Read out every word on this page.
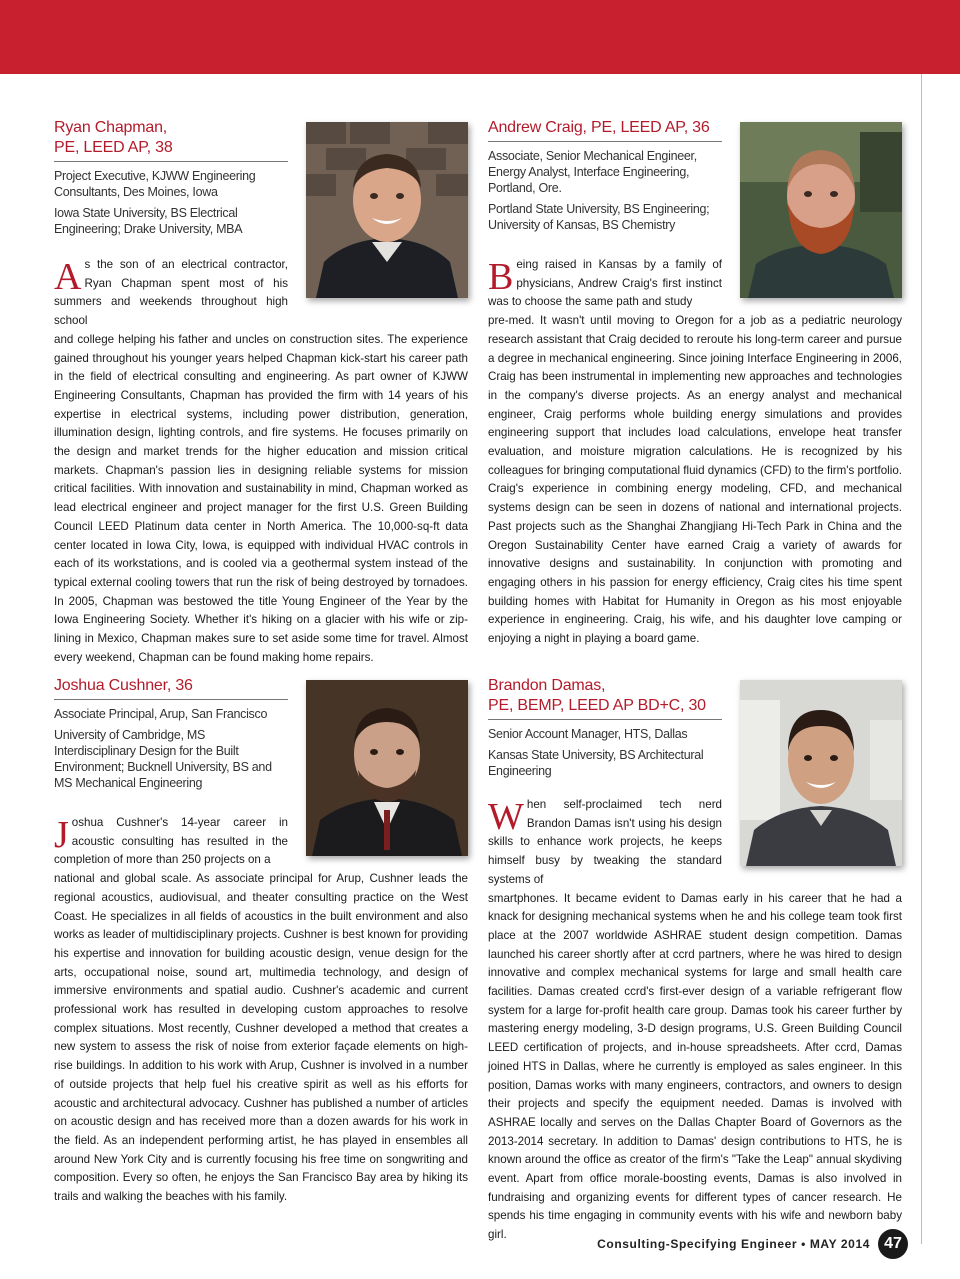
Ryan Chapman,
PE, LEED AP, 38
Project Executive, KJWW Engineering Consultants, Des Moines, Iowa
Iowa State University, BS Electrical Engineering; Drake University, MBA
As the son of an electrical contractor, Ryan Chapman spent most of his summers and weekends throughout high school
and college helping his father and uncles on construction sites. The experience gained throughout his younger years helped Chapman kick-start his career path in the field of electrical consulting and engineering. As part owner of KJWW Engineering Consultants, Chapman has provided the firm with 14 years of his expertise in electrical systems, including power distribution, generation, illumination design, lighting controls, and fire systems. He focuses primarily on the design and market trends for the higher education and mission critical markets. Chapman's passion lies in designing reliable systems for mission critical facilities. With innovation and sustainability in mind, Chapman worked as lead electrical engineer and project manager for the first U.S. Green Building Council LEED Platinum data center in North America. The 10,000-sq-ft data center located in Iowa City, Iowa, is equipped with individual HVAC controls in each of its workstations, and is cooled via a geothermal system instead of the typical external cooling towers that run the risk of being destroyed by tornadoes. In 2005, Chapman was bestowed the title Young Engineer of the Year by the Iowa Engineering Society. Whether it's hiking on a glacier with his wife or zip-lining in Mexico, Chapman makes sure to set aside some time for travel. Almost every weekend, Chapman can be found making home repairs.
Andrew Craig, PE, LEED AP, 36
Associate, Senior Mechanical Engineer, Energy Analyst, Interface Engineering, Portland, Ore.
Portland State University, BS Engineering; University of Kansas, BS Chemistry
Being raised in Kansas by a family of physicians, Andrew Craig's first instinct was to choose the same path and study
pre-med. It wasn't until moving to Oregon for a job as a pediatric neurology research assistant that Craig decided to reroute his long-term career and pursue a degree in mechanical engineering. Since joining Interface Engineering in 2006, Craig has been instrumental in implementing new approaches and technologies in the company's diverse projects. As an energy analyst and mechanical engineer, Craig performs whole building energy simulations and provides engineering support that includes load calculations, envelope heat transfer evaluation, and moisture migration calculations. He is recognized by his colleagues for bringing computational fluid dynamics (CFD) to the firm's portfolio. Craig's experience in combining energy modeling, CFD, and mechanical systems design can be seen in dozens of national and international projects. Past projects such as the Shanghai Zhangjiang Hi-Tech Park in China and the Oregon Sustainability Center have earned Craig a variety of awards for innovative designs and sustainability. In conjunction with promoting and engaging others in his passion for energy efficiency, Craig cites his time spent building homes with Habitat for Humanity in Oregon as his most enjoyable experience in engineering. Craig, his wife, and his daughter love camping or enjoying a night in playing a board game.
Joshua Cushner, 36
Associate Principal, Arup, San Francisco
University of Cambridge, MS Interdisciplinary Design for the Built Environment; Bucknell University, BS and MS Mechanical Engineering
Joshua Cushner's 14-year career in acoustic consulting has resulted in the completion of more than 250 projects on a
national and global scale. As associate principal for Arup, Cushner leads the regional acoustics, audiovisual, and theater consulting practice on the West Coast. He specializes in all fields of acoustics in the built environment and also works as leader of multidisciplinary projects. Cushner is best known for providing his expertise and innovation for building acoustic design, venue design for the arts, occupational noise, sound art, multimedia technology, and design of immersive environments and spatial audio. Cushner's academic and current professional work has resulted in developing custom approaches to resolve complex situations. Most recently, Cushner developed a method that creates a new system to assess the risk of noise from exterior façade elements on high-rise buildings. In addition to his work with Arup, Cushner is involved in a number of outside projects that help fuel his creative spirit as well as his efforts for acoustic and architectural advocacy. Cushner has published a number of articles on acoustic design and has received more than a dozen awards for his work in the field. As an independent performing artist, he has played in ensembles all around New York City and is currently focusing his free time on songwriting and composition. Every so often, he enjoys the San Francisco Bay area by hiking its trails and walking the beaches with his family.
Brandon Damas,
PE, BEMP, LEED AP BD+C, 30
Senior Account Manager, HTS, Dallas
Kansas State University, BS Architectural Engineering
When self-proclaimed tech nerd Brandon Damas isn't using his design skills to enhance work projects, he keeps himself busy by tweaking the standard systems of
smartphones. It became evident to Damas early in his career that he had a knack for designing mechanical systems when he and his college team took first place at the 2007 worldwide ASHRAE student design competition. Damas launched his career shortly after at ccrd partners, where he was hired to design innovative and complex mechanical systems for large and small health care facilities. Damas created ccrd's first-ever design of a variable refrigerant flow system for a large for-profit health care group. Damas took his career further by mastering energy modeling, 3-D design programs, U.S. Green Building Council LEED certification of projects, and in-house spreadsheets. After ccrd, Damas joined HTS in Dallas, where he currently is employed as sales engineer. In this position, Damas works with many engineers, contractors, and owners to design their projects and specify the equipment needed. Damas is involved with ASHRAE locally and serves on the Dallas Chapter Board of Governors as the 2013-2014 secretary. In addition to Damas' design contributions to HTS, he is known around the office as creator of the firm's "Take the Leap" annual skydiving event. Apart from office morale-boosting events, Damas is also involved in fundraising and organizing events for different types of cancer research. He spends his time engaging in community events with his wife and newborn baby girl.
Consulting-Specifying Engineer • MAY 2014 47
